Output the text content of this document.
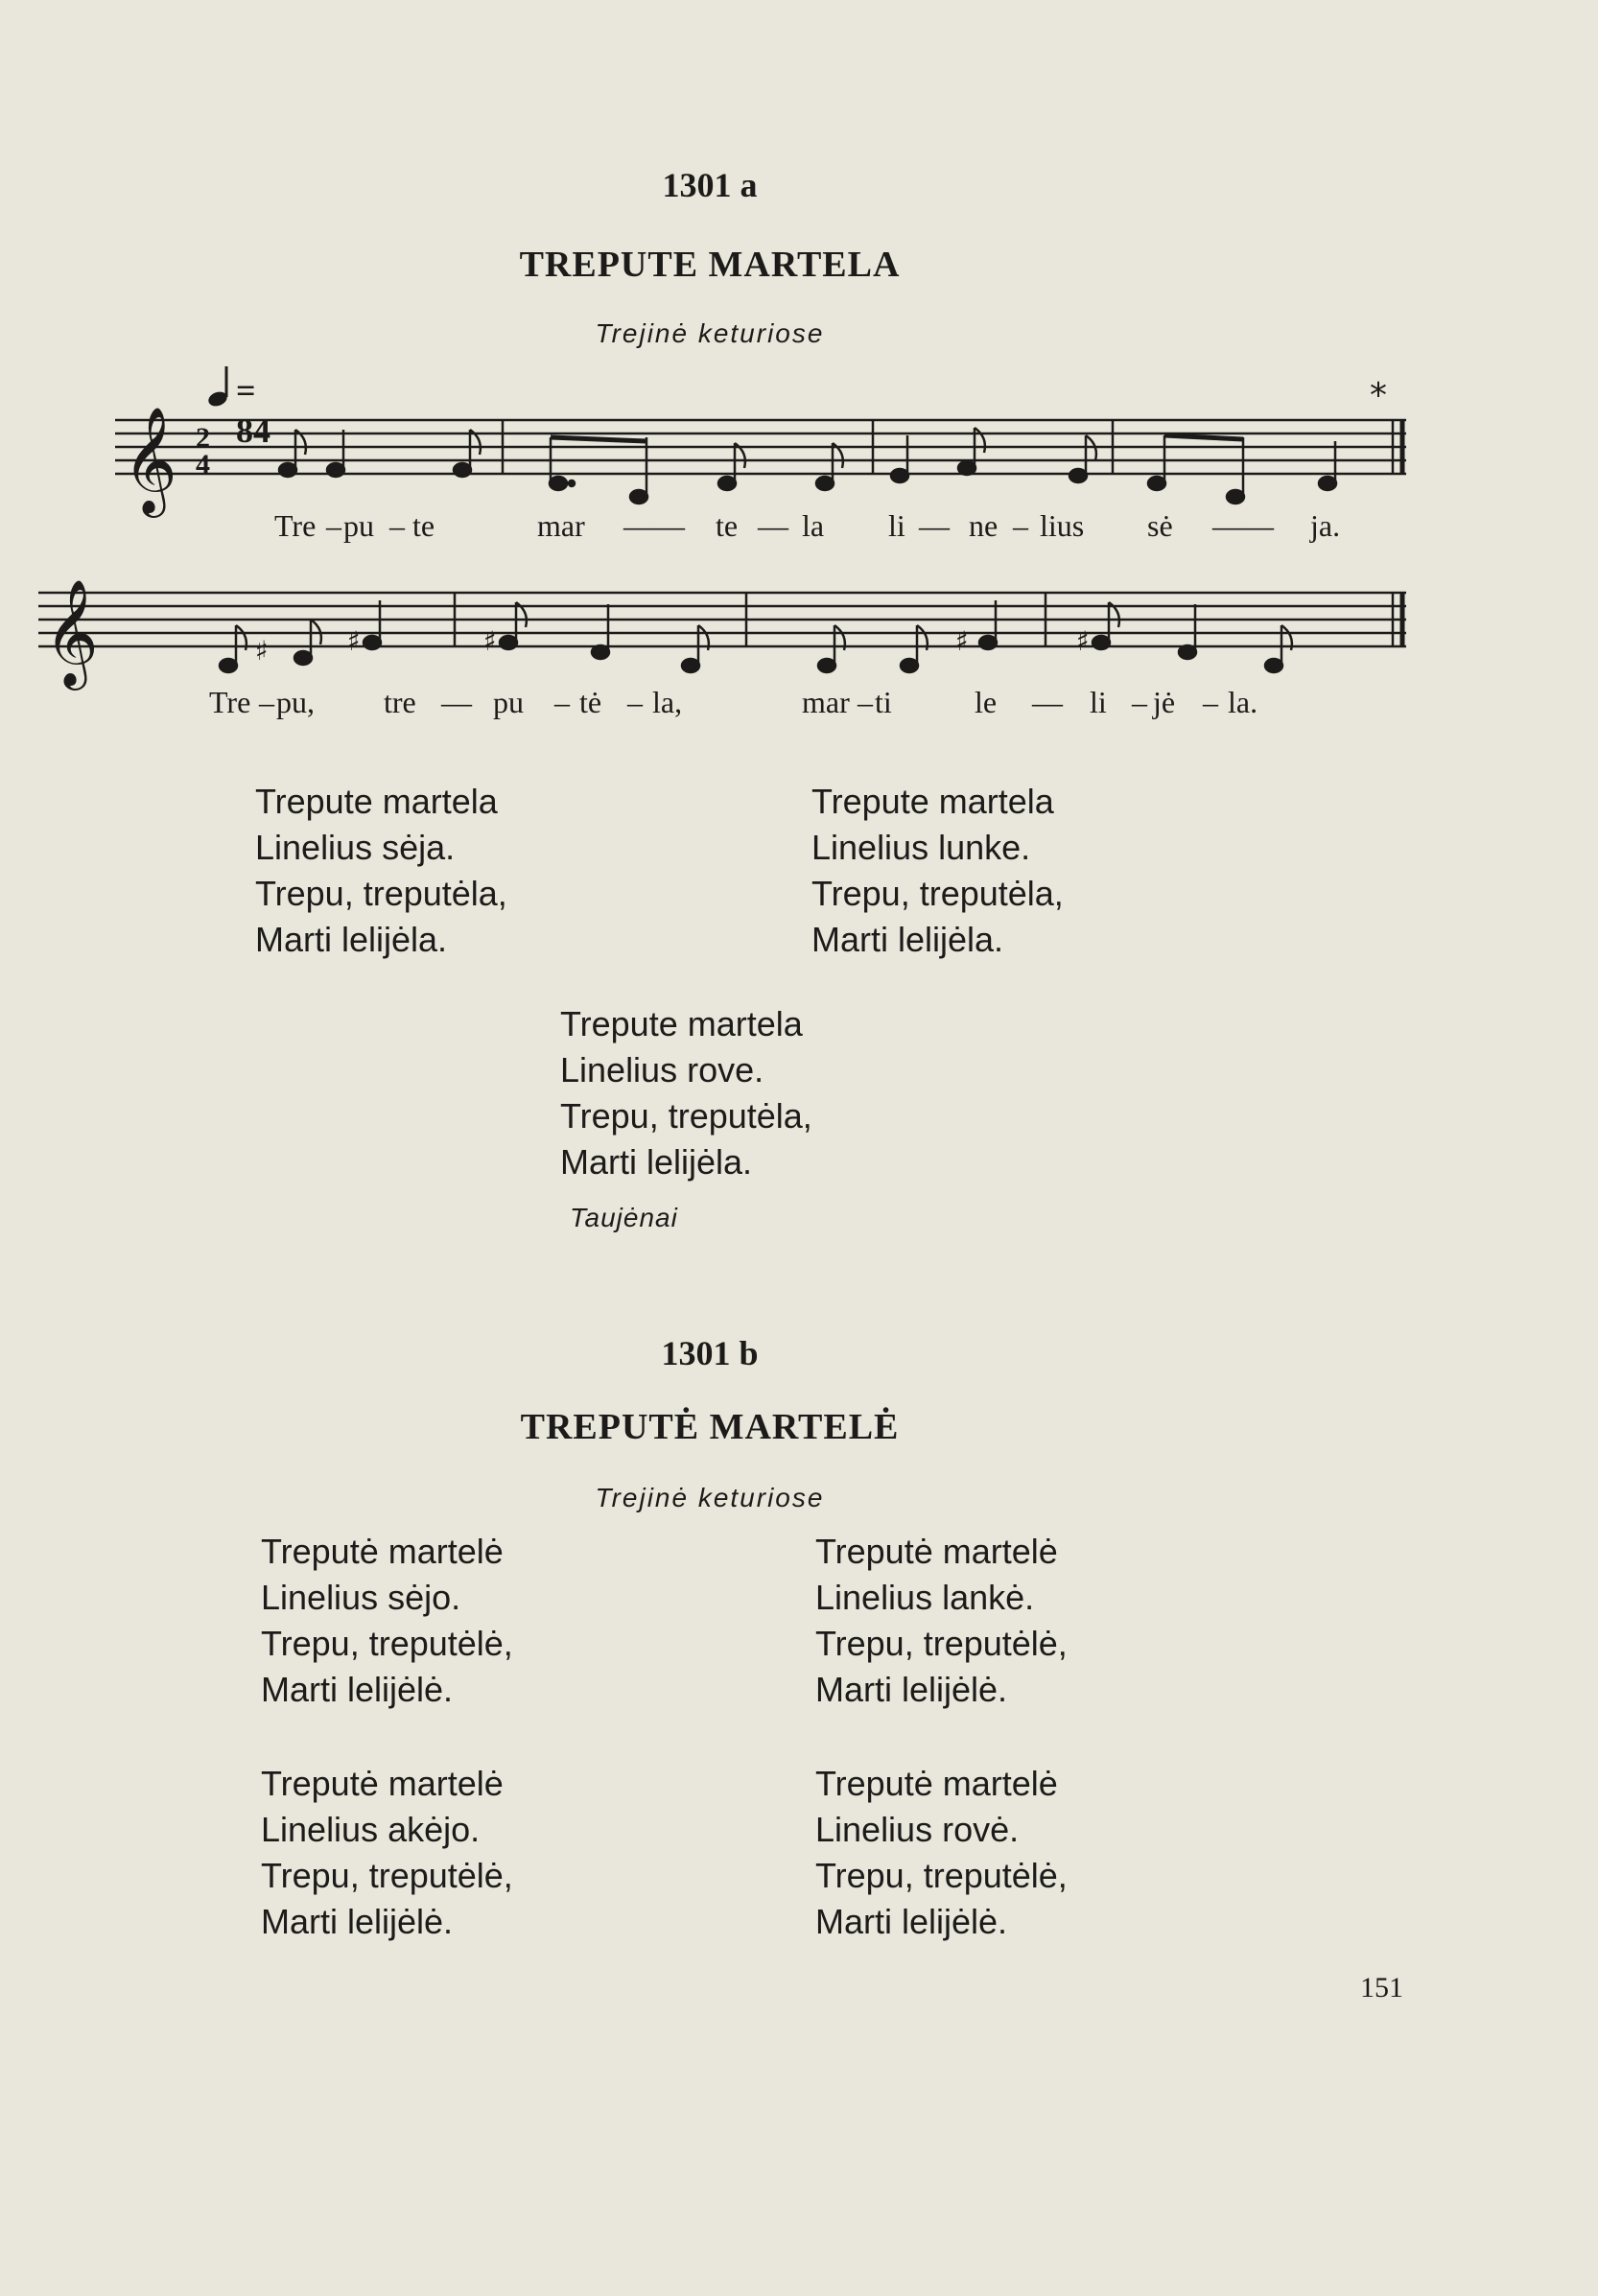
1301 a
TREPUTE MARTELA
Trejinė keturiose
= 84
*
𝄞 2
4
𝄞	♯	♯	♯	♯	♯
Tre – pu – te	mar —— te — la li — ne – lius sė —— ja.
Tre – pu, tre — pu – tė – la,	mar – ti	le — li – jė – la.
Trepute martela
Linelius sėja.
Trepu, treputėla,
Marti lelijėla.
Trepute martela
Linelius lunke.
Trepu, treputėla,
Marti lelijėla.
Trepute martela
Linelius rove.
Trepu, treputėla,
Marti lelijėla.
Taujėnai
1301 b
TREPUTĖ MARTELĖ
Trejinė keturiose
Treputė martelė
Linelius sėjo.
Trepu, treputėlė,
Marti lelijėlė.
Treputė martelė
Linelius lankė.
Trepu, treputėlė,
Marti lelijėlė.
Treputė martelė
Linelius akėjo.
Trepu, treputėlė,
Marti lelijėlė.
Treputė martelė
Linelius rovė.
Trepu, treputėlė,
Marti lelijėlė.
151
